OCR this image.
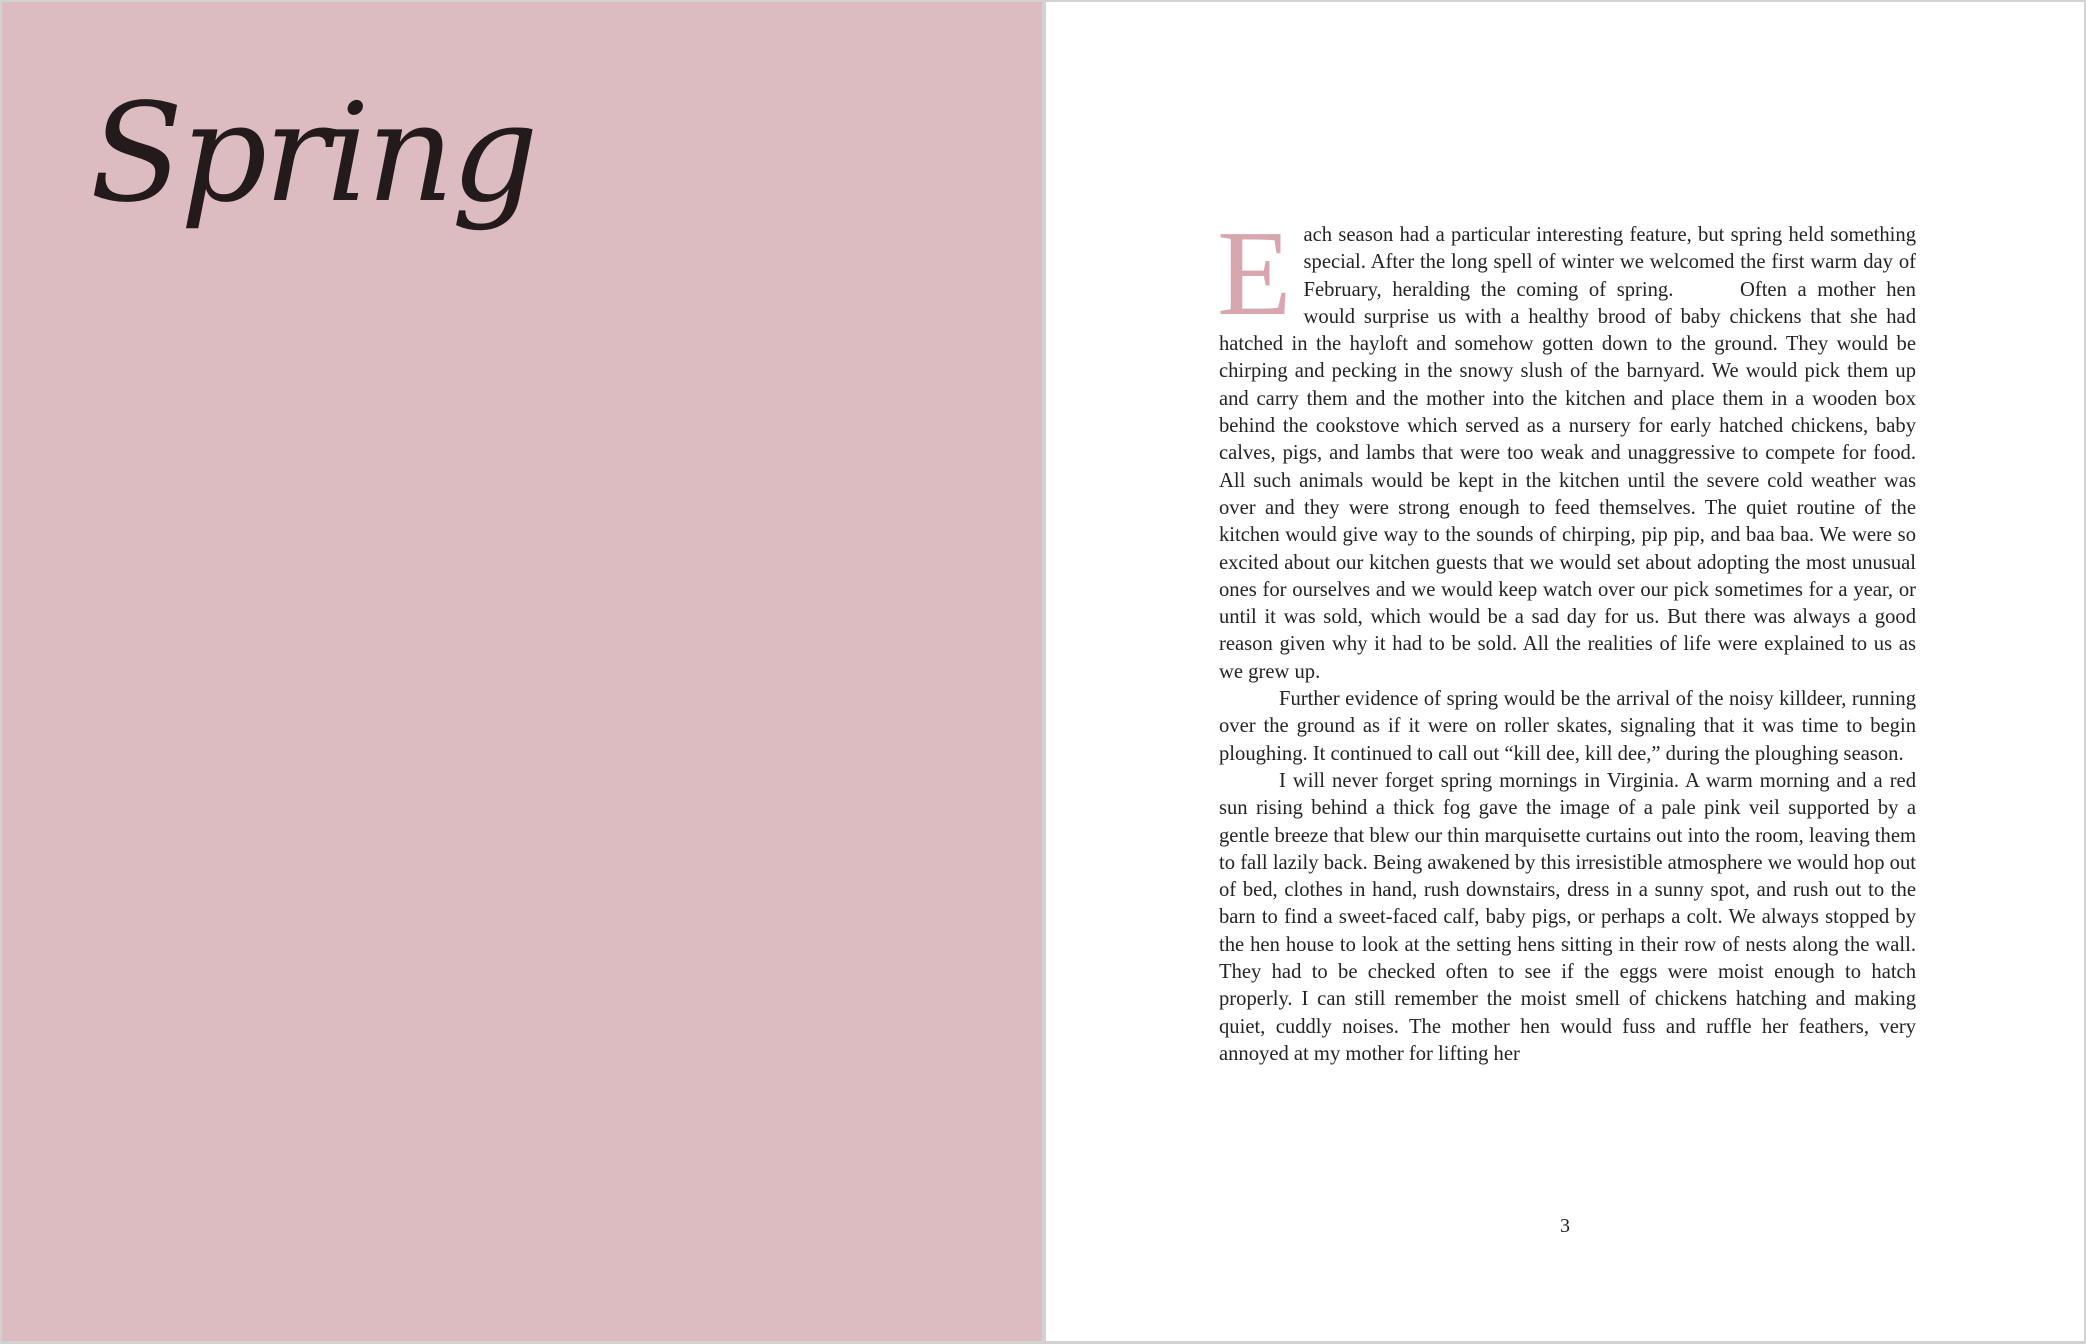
Spring

Each season had a particular interesting feature, but spring held something special. After the long spell of winter we welcomed the first warm day of February, heralding the coming of spring.	Often a mother hen would surprise us with a healthy brood of baby chickens that she had hatched in the hayloft and somehow gotten down to the ground. They would be chirping and pecking in the snowy slush of the barnyard. We would pick them up and carry them and the mother into the kitchen and place them in a wooden box behind the cookstove which served as a nursery for early hatched chickens, baby calves, pigs, and lambs that were too weak and unaggressive to compete for food. All such animals would be kept in the kitchen until the severe cold weather was over and they were strong enough to feed themselves. The quiet routine of the kitchen would give way to the sounds of chirping, pip pip, and baa baa. We were so excited about our kitchen guests that we would set about adopting the most unusual ones for ourselves and we would keep watch over our pick sometimes for a year, or until it was sold, which would be a sad day for us. But there was always a good reason given why it had to be sold. All the realities of life were explained to us as we grew up.

Further evidence of spring would be the arrival of the noisy killdeer, running over the ground as if it were on roller skates, signaling that it was time to begin ploughing. It continued to call out “kill dee, kill dee,” during the ploughing season.

I will never forget spring mornings in Virginia. A warm morning and a red sun rising behind a thick fog gave the image of a pale pink veil supported by a gentle breeze that blew our thin marquisette curtains out into the room, leaving them to fall lazily back. Being awakened by this irresistible atmosphere we would hop out of bed, clothes in hand, rush downstairs, dress in a sunny spot, and rush out to the barn to find a sweet-faced calf, baby pigs, or perhaps a colt. We always stopped by the hen house to look at the setting hens sitting in their row of nests along the wall. They had to be checked often to see if the eggs were moist enough to hatch properly. I can still remember the moist smell of chickens hatching and making quiet, cuddly noises. The mother hen would fuss and ruffle her feathers, very annoyed at my mother for lifting her

3
